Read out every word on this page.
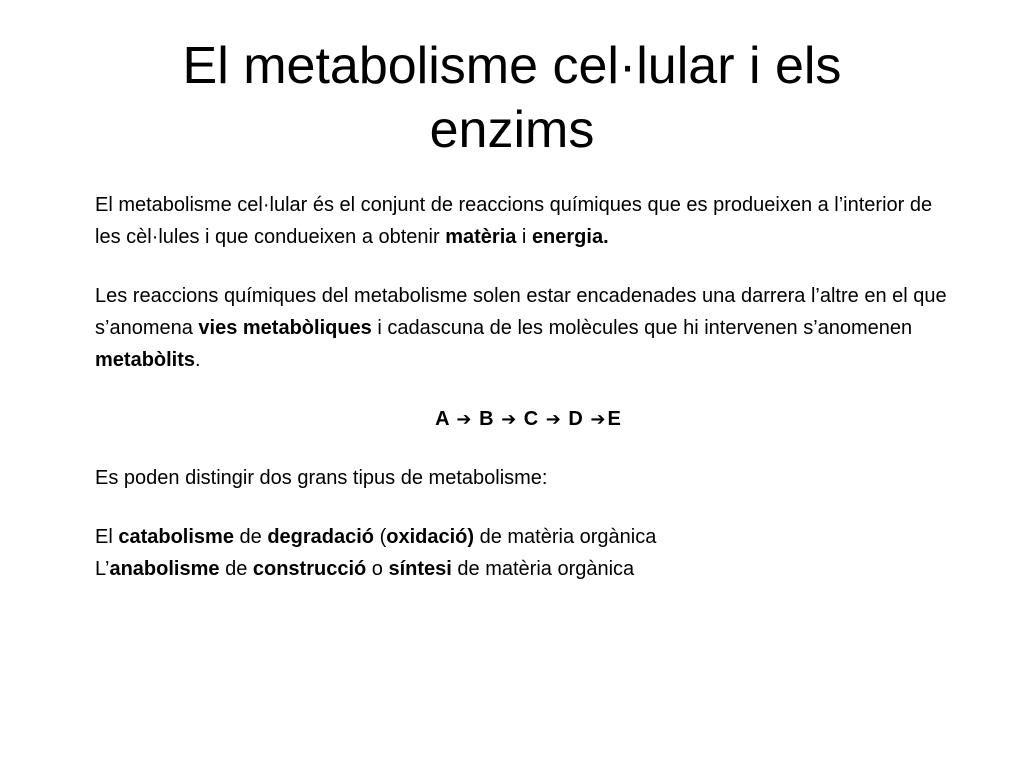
El metabolisme cel·lular i els
enzims

El metabolisme cel·lular és el conjunt de reaccions químiques que es produeixen a l’interior de les cèl·lules i que condueixen a obtenir matèria i energia.

Les reaccions químiques del metabolisme solen estar encadenades una darrera l’altre en el que s’anomena vies metabòliques i cadascuna de les molècules que hi intervenen s’anomenen metabòlits.

A ➔ B ➔ C ➔ D ➔ E

Es poden distingir dos grans tipus de metabolisme:

El catabolisme de degradació (oxidació) de matèria orgànica

L’anabolisme de construcció o síntesi de matèria orgànica
